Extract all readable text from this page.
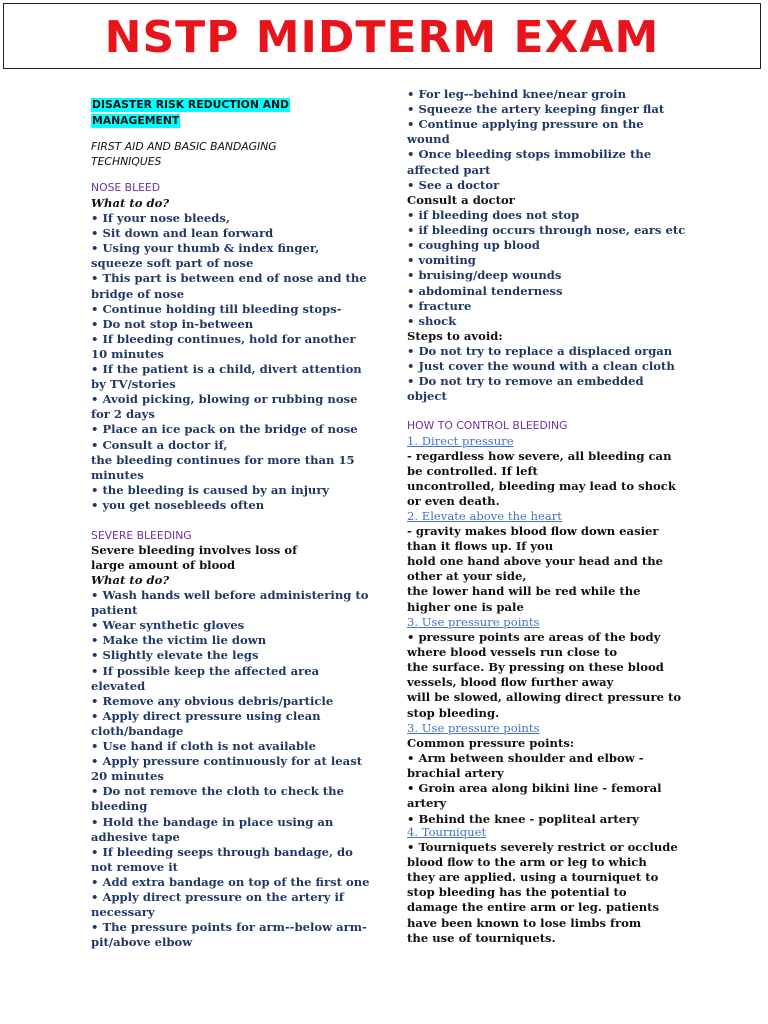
NSTP MIDTERM EXAM
DISASTER RISK REDUCTION AND
MANAGEMENT
FIRST AID AND BASIC BANDAGING
TECHNIQUES
NOSE BLEED
What to do?
• If your nose bleeds,
• Sit down and lean forward
• Using your thumb & index finger,
squeeze soft part of nose
• This part is between end of nose and the
bridge of nose
• Continue holding till bleeding stops-
• Do not stop in-between
• If bleeding continues, hold for another
10 minutes
• If the patient is a child, divert attention
by TV/stories
• Avoid picking, blowing or rubbing nose
for 2 days
• Place an ice pack on the bridge of nose
• Consult a doctor if,
the bleeding continues for more than 15
minutes
• the bleeding is caused by an injury
• you get nosebleeds often
SEVERE BLEEDING
Severe bleeding involves loss of
large amount of blood
What to do?
• Wash hands well before administering to
patient
• Wear synthetic gloves
• Make the victim lie down
• Slightly elevate the legs
• If possible keep the affected area
elevated
• Remove any obvious debris/particle
• Apply direct pressure using clean
cloth/bandage
• Use hand if cloth is not available
• Apply pressure continuously for at least
20 minutes
• Do not remove the cloth to check the
bleeding
• Hold the bandage in place using an
adhesive tape
• If bleeding seeps through bandage, do
not remove it
• Add extra bandage on top of the first one
• Apply direct pressure on the artery if
necessary
• The pressure points for arm--below arm-
pit/above elbow
• For leg--behind knee/near groin
• Squeeze the artery keeping finger flat
• Continue applying pressure on the
wound
• Once bleeding stops immobilize the
affected part
• See a doctor
Consult a doctor
• if bleeding does not stop
• if bleeding occurs through nose, ears etc
• coughing up blood
• vomiting
• bruising/deep wounds
• abdominal tenderness
• fracture
• shock
Steps to avoid:
• Do not try to replace a displaced organ
• Just cover the wound with a clean cloth
• Do not try to remove an embedded
object
HOW TO CONTROL BLEEDING
1. Direct pressure
- regardless how severe, all bleeding can
be controlled. If left
uncontrolled, bleeding may lead to shock
or even death.
2. Elevate above the heart
- gravity makes blood flow down easier
than it flows up. If you
hold one hand above your head and the
other at your side,
the lower hand will be red while the
higher one is pale
3. Use pressure points
• pressure points are areas of the body
where blood vessels run close to
the surface. By pressing on these blood
vessels, blood flow further away
will be slowed, allowing direct pressure to
stop bleeding.
3. Use pressure points
Common pressure points:
• Arm between shoulder and elbow -
brachial artery
• Groin area along bikini line - femoral
artery
• Behind the knee - popliteal artery
4. Tourniquet
• Tourniquets severely restrict or occlude
blood flow to the arm or leg to which
they are applied. using a tourniquet to
stop bleeding has the potential to
damage the entire arm or leg. patients
have been known to lose limbs from
the use of tourniquets.
